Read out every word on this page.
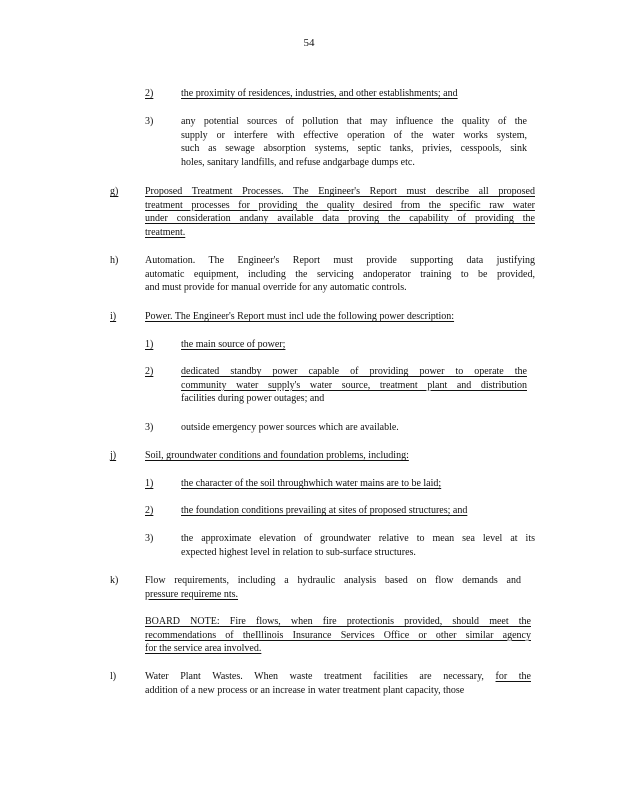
54
2)	the proximity of residences, industries, and other establishments; and
3)	any potential sources of pollution that may influence the quality of the
supply or interfere with effective operation of the water works system,
such as sewage absorption systems, septic tanks, privies, cesspools, sink
holes, sanitary landfills, and refuse andgarbage dumps etc.
g)	Proposed Treatment Processes. The Engineer's Report must describe all proposed
treatment processes for providing the quality desired from the specific raw water
under consideration andany available data proving the capability of providing the
treatment.
h)	Automation. The Engineer's Report must provide supporting data justifying
automatic equipment, including the servicing andoperator training to be provided,
and must provide for manual override for any automatic controls.
i)	Power. The Engineer's Report must incl ude the following power description:
1)	the main source of power;
2)	dedicated standby power capable of providing power to operate the
community water supply's water source, treatment plant and distribution
facilities during power outages; and
3)	outside emergency power sources which are available.
j)	Soil, groundwater conditions and foundation problems, including:
1)	the character of the soil throughwhich water mains are to be laid;
2)	the foundation conditions prevailing at sites of proposed structures; and
3)	the approximate elevation of groundwater relative to mean sea level at its
expected highest level in relation to sub-surface structures.
k)	Flow requirements, including a hydraulic analysis based on flow demands and
pressure requireme nts.
BOARD NOTE: Fire flows, when fire protectionis provided, should meet the
recommendations of theIllinois Insurance Services Office or other similar agency
for the service area involved.
l)	Water Plant Wastes. When waste treatment facilities are necessary, for the
addition of a new process or an increase in water treatment plant capacity, those
